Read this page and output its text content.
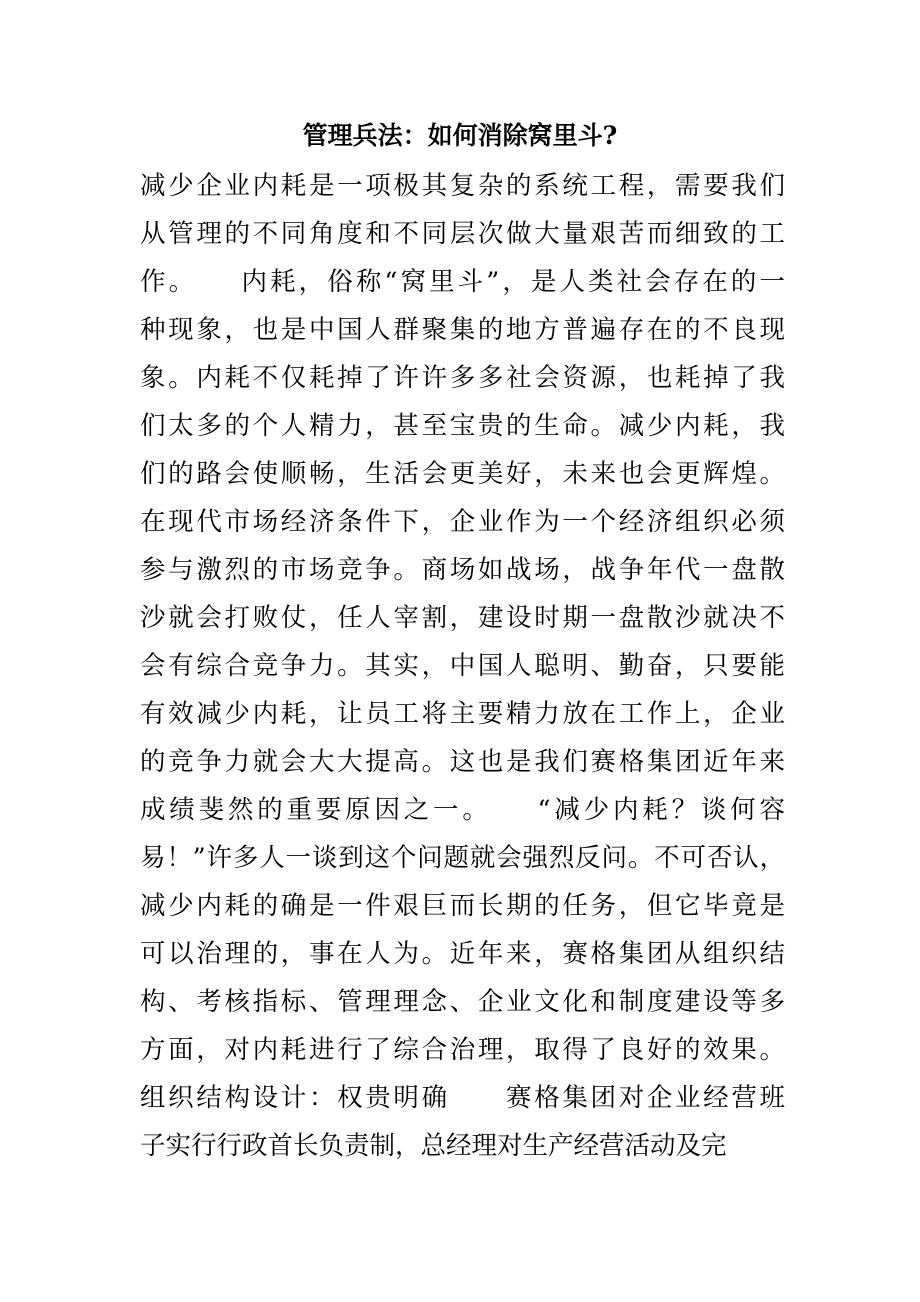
管理兵法：如何消除窝里斗?
减少企业内耗是一项极其复杂的系统工程，需要我们
从管理的不同角度和不同层次做大量艰苦而细致的工
作。　　内耗，俗称“窝里斗”，是人类社会存在的一
种现象，也是中国人群聚集的地方普遍存在的不良现
象。内耗不仅耗掉了许许多多社会资源，也耗掉了我
们太多的个人精力，甚至宝贵的生命。减少内耗，我
们的路会使顺畅，生活会更美好，未来也会更辉煌。
在现代市场经济条件下，企业作为一个经济组织必须
参与激烈的市场竞争。商场如战场，战争年代一盘散
沙就会打败仗，任人宰割，建设时期一盘散沙就决不
会有综合竞争力。其实，中国人聪明、勤奋，只要能
有效减少内耗，让员工将主要精力放在工作上，企业
的竞争力就会大大提高。这也是我们赛格集团近年来
成绩斐然的重要原因之一。　　“减少内耗？谈何容
易！”许多人一谈到这个问题就会强烈反问。不可否认，
减少内耗的确是一件艰巨而长期的任务，但它毕竟是
可以治理的，事在人为。近年来，赛格集团从组织结
构、考核指标、管理理念、企业文化和制度建设等多
方面，对内耗进行了综合治理，取得了良好的效果。
组织结构设计：权贵明确　　赛格集团对企业经营班
子实行行政首长负责制，总经理对生产经营活动及完
